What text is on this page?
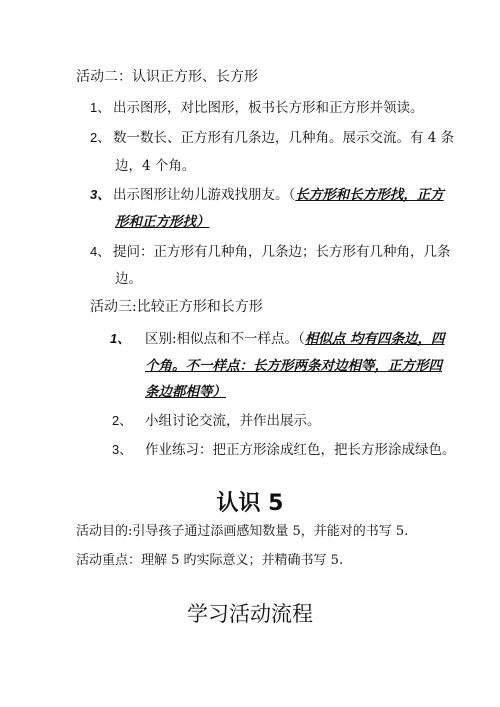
活动二：认识正方形、长方形
1、 出示图形，对比图形，板书长方形和正方形并领读。
2、 数一数长、正方形有几条边，几种角。展示交流。有 4 条
边，4 个角。
3、 出示图形让幼儿游戏找朋友。（长方形和长方形找，正方
形和正方形找）
4、 提问：正方形有几种角，几条边；长方形有几种角，几条
边。
活动三:比较正方形和长方形
1、 区别:相似点和不一样点。（相似点 均有四条边，四
个角。不一样点：长方形两条对边相等，正方形四
条边都相等）
2、 小组讨论交流，并作出展示。
3、 作业练习：把正方形涂成红色，把长方形涂成绿色。
认识 5
活动目的:引导孩子通过添画感知数量 5，并能对的书写 5.
活动重点：理解 5 旳实际意义；并精确书写 5.
学习活动流程
